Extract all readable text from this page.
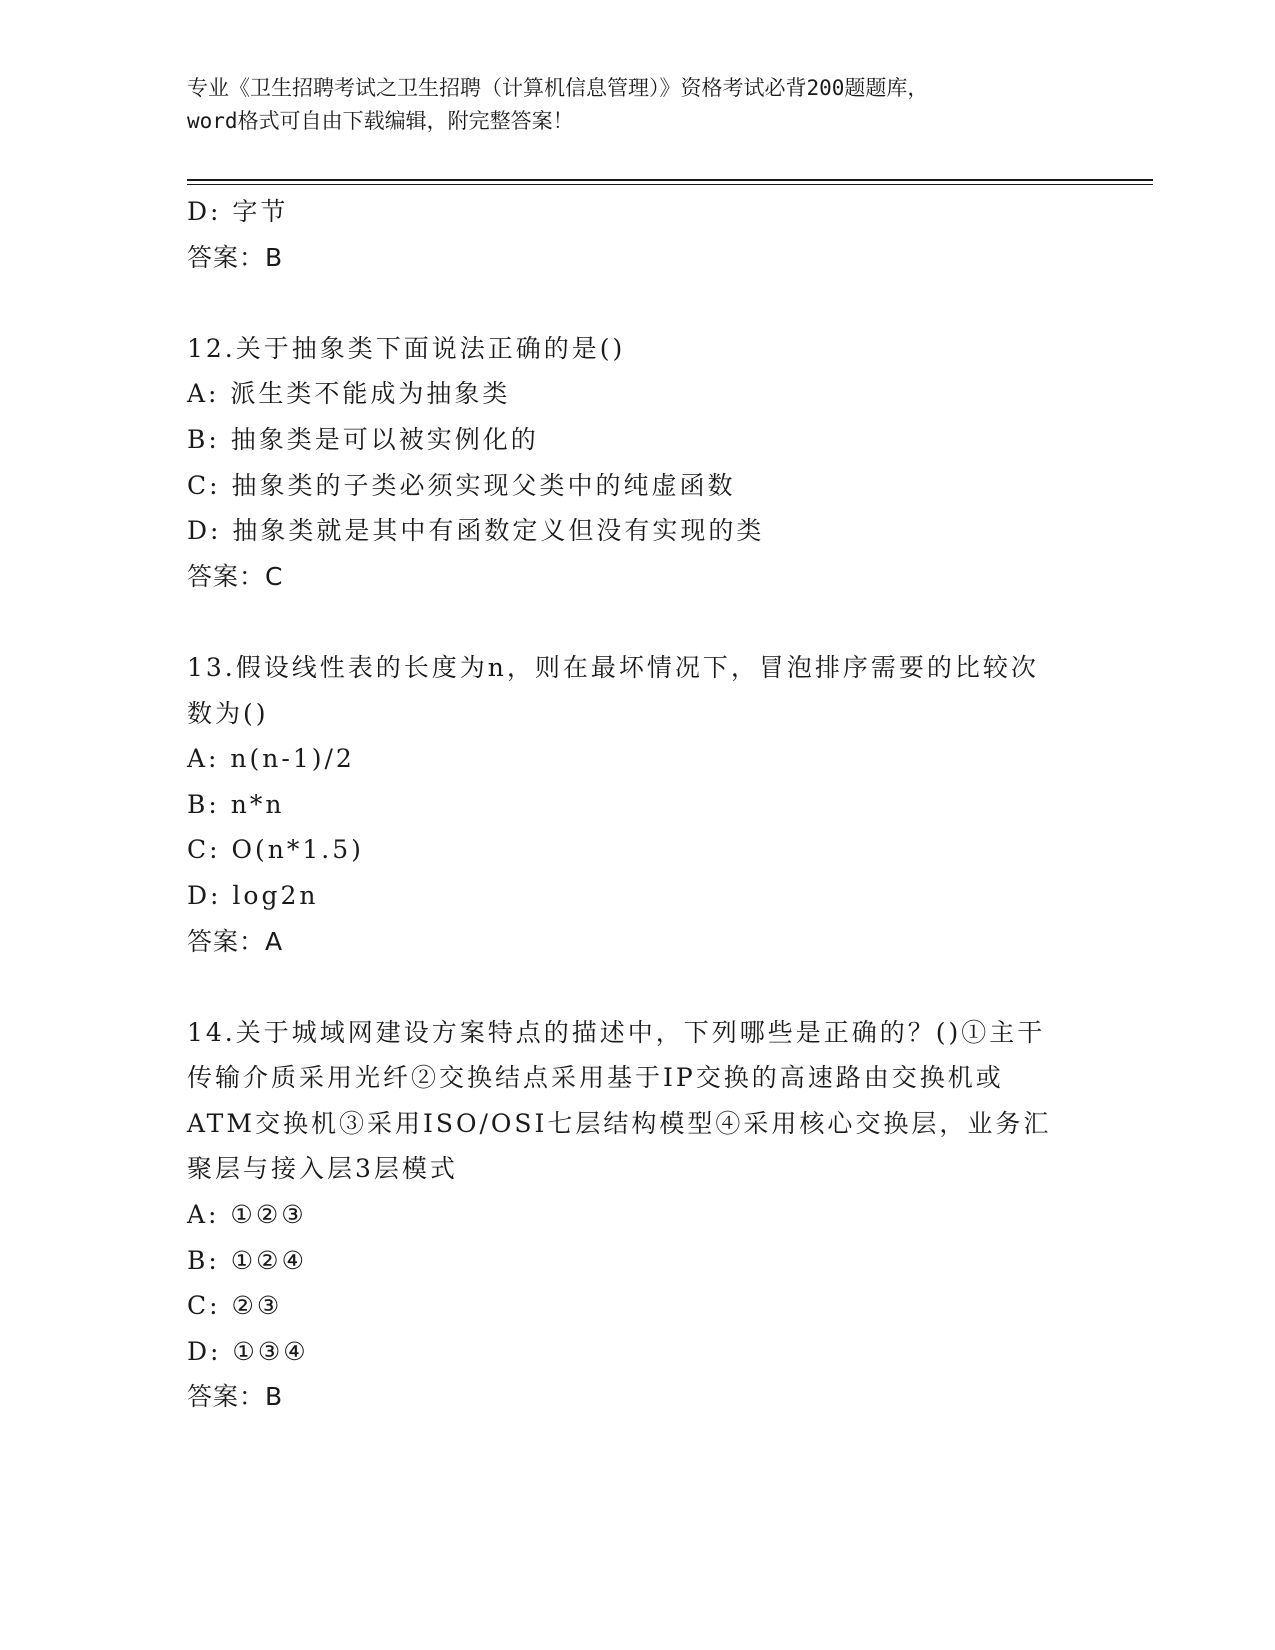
专业《卫生招聘考试之卫生招聘（计算机信息管理）》资格考试必背200题题库，
word格式可自由下载编辑，附完整答案！
D: 字节
答案：B
12.关于抽象类下面说法正确的是()
A: 派生类不能成为抽象类
B: 抽象类是可以被实例化的
C: 抽象类的子类必须实现父类中的纯虚函数
D: 抽象类就是其中有函数定义但没有实现的类
答案：C
13.假设线性表的长度为n，则在最坏情况下，冒泡排序需要的比较次
数为()
A: n(n-1)/2
B: n*n
C: O(n*1.5)
D: log2n
答案：A
14.关于城域网建设方案特点的描述中，下列哪些是正确的？()①主干
传输介质采用光纤②交换结点采用基于IP交换的高速路由交换机或
ATM交换机③采用ISO/OSI七层结构模型④采用核心交换层，业务汇
聚层与接入层3层模式
A: ①②③
B: ①②④
C: ②③
D: ①③④
答案：B
